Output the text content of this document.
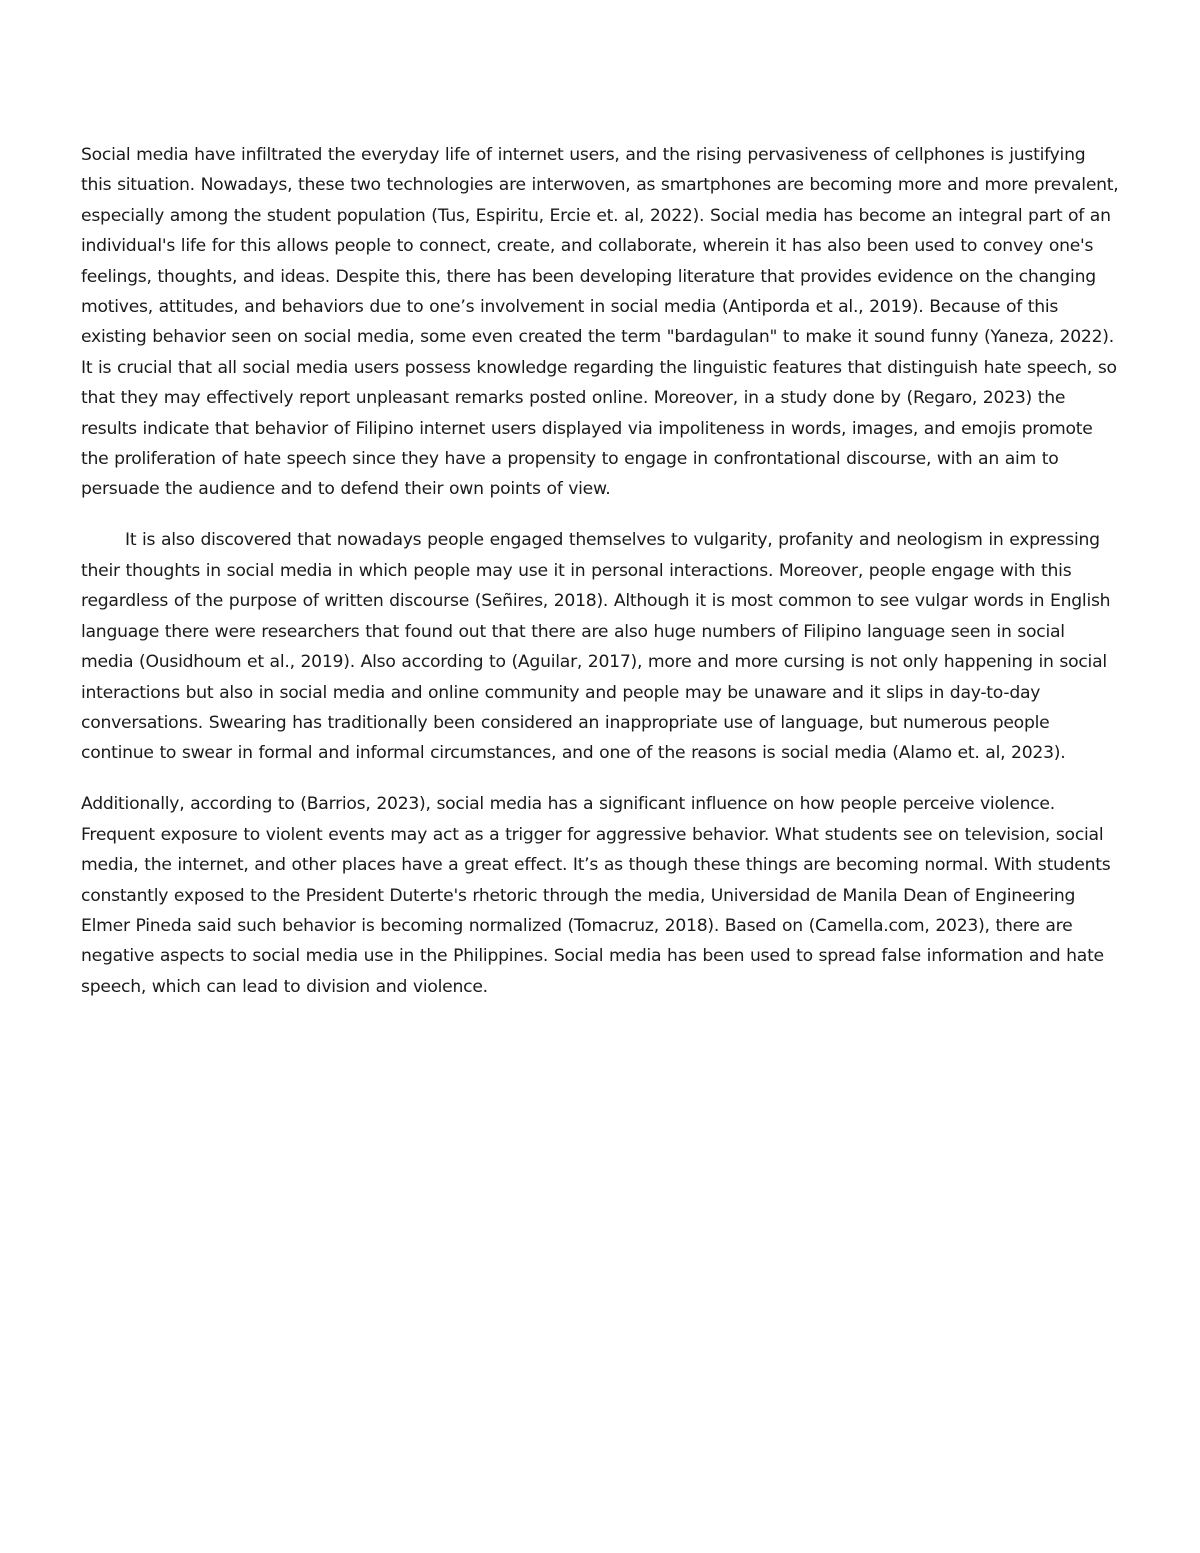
Social media have infiltrated the everyday life of internet users, and the rising pervasiveness of cellphones is justifying this situation. Nowadays, these two technologies are interwoven, as smartphones are becoming more and more prevalent, especially among the student population (Tus, Espiritu, Ercie et. al, 2022). Social media has become an integral part of an individual's life for this allows people to connect, create, and collaborate, wherein it has also been used to convey one's feelings, thoughts, and ideas. Despite this, there has been developing literature that provides evidence on the changing motives, attitudes, and behaviors due to one’s involvement in social media (Antiporda et al., 2019). Because of this existing behavior seen on social media, some even created the term "bardagulan" to make it sound funny (Yaneza, 2022). It is crucial that all social media users possess knowledge regarding the linguistic features that distinguish hate speech, so that they may effectively report unpleasant remarks posted online. Moreover, in a study done by (Regaro, 2023) the results indicate that behavior of Filipino internet users displayed via impoliteness in words, images, and emojis promote the proliferation of hate speech since they have a propensity to engage in confrontational discourse, with an aim to persuade the audience and to defend their own points of view.

It is also discovered that nowadays people engaged themselves to vulgarity, profanity and neologism in expressing their thoughts in social media in which people may use it in personal interactions. Moreover, people engage with this regardless of the purpose of written discourse (Señires, 2018). Although it is most common to see vulgar words in English language there were researchers that found out that there are also huge numbers of Filipino language seen in social media (Ousidhoum et al., 2019). Also according to (Aguilar, 2017), more and more cursing is not only happening in social interactions but also in social media and online community and people may be unaware and it slips in day-to-day conversations. Swearing has traditionally been considered an inappropriate use of language, but numerous people continue to swear in formal and informal circumstances, and one of the reasons is social media (Alamo et. al, 2023).

Additionally, according to (Barrios, 2023), social media has a significant influence on how people perceive violence. Frequent exposure to violent events may act as a trigger for aggressive behavior. What students see on television, social media, the internet, and other places have a great effect. It’s as though these things are becoming normal. With students constantly exposed to the President Duterte's rhetoric through the media, Universidad de Manila Dean of Engineering Elmer Pineda said such behavior is becoming normalized (Tomacruz, 2018). Based on (Camella.com, 2023), there are negative aspects to social media use in the Philippines. Social media has been used to spread false information and hate speech, which can lead to division and violence.
